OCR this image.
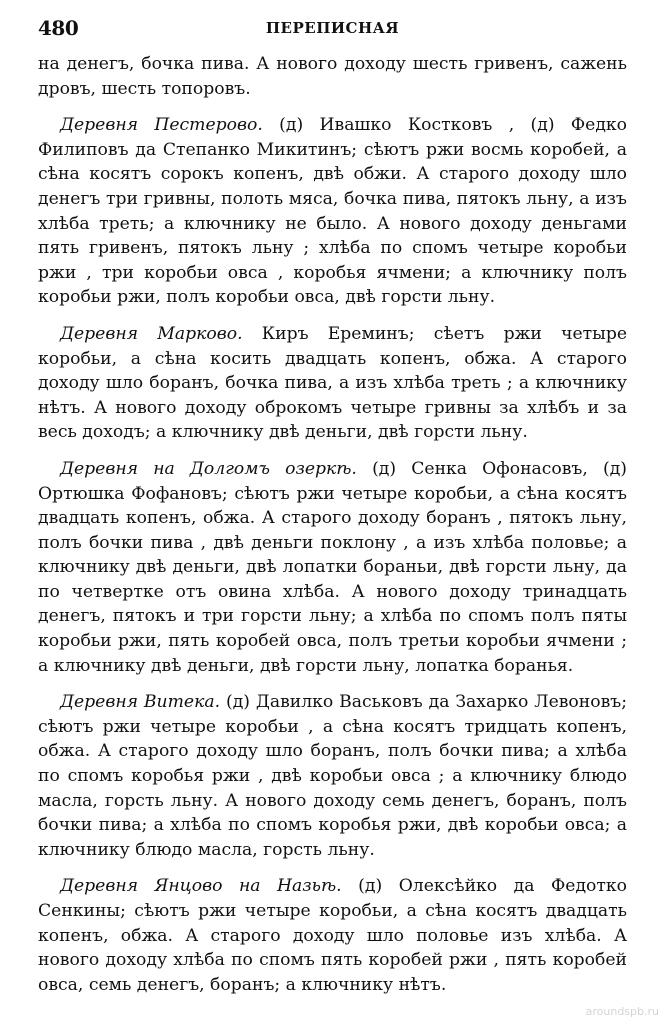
480	ПЕРЕПИСНАЯ

на денегъ, бочка пива. А нового доходу шесть гривенъ, сажень дровъ, шесть топоровъ.

Деревня Пестерово. (д) Ивашко Костковъ , (д) Федко Филиповъ да Степанко Микитинъ; сѣютъ ржи восмь коробей, а сѣна косятъ сорокъ копенъ, двѣ обжи. А старого доходу шло денегъ три гривны, полоть мяса, бочка пива, пятокъ льну, а изъ хлѣба треть; а ключнику не было. А нового доходу деньгами пять гривенъ, пятокъ льну ; хлѣба по спомъ четыре коробьи ржи , три коробьи овса , коробья ячмени; а ключнику полъ коробьи ржи, полъ коробьи овса, двѣ горсти льну.

Деревня Марково. Киръ Ереминъ; сѣетъ ржи четыре коробьи, а сѣна косить двадцать копенъ, обжа. А старого доходу шло боранъ, бочка пива, а изъ хлѣба треть ; а ключнику нѣтъ. А нового доходу оброкомъ четыре гривны за хлѣбъ и за весь доходъ; а ключнику двѣ деньги, двѣ горсти льну.

Деревня на Долгомъ озеркѣ. (д) Сенка Офонасовъ, (д) Ортюшка Фофановъ; сѣютъ ржи четыре коробьи, а сѣна косятъ двадцать копенъ, обжа. А старого доходу боранъ , пятокъ льну, полъ бочки пива , двѣ деньги поклону , а изъ хлѣба половье; а ключнику двѣ деньги, двѣ лопатки бораньи, двѣ горсти льну, да по четвертке отъ овина хлѣба. А нового доходу тринадцать денегъ, пятокъ и три горсти льну; а хлѣба по спомъ полъ пяты коробьи ржи, пять коробей овса, полъ третьи коробьи ячмени ; а ключнику двѣ деньги, двѣ горсти льну, лопатка боранья.

Деревня Витека. (д) Давилко Васьковъ да Захарко Левоновъ; сѣютъ ржи четыре коробьи , а сѣна косятъ тридцать копенъ, обжа. А старого доходу шло боранъ, полъ бочки пива; а хлѣба по спомъ коробья ржи , двѣ коробьи овса ; а ключнику блюдо масла, горсть льну. А нового доходу семь денегъ, боранъ, полъ бочки пива; а хлѣба по спомъ коробья ржи, двѣ коробьи овса; а ключнику блюдо масла, горсть льну.

Деревня Янцово на Назьѣ. (д) Олексѣйко да Федотко Сенкины; сѣютъ ржи четыре коробьи, а сѣна косятъ двадцать копенъ, обжа. А старого доходу шло половье изъ хлѣба. А нового доходу хлѣба по спомъ пять коробей ржи , пять коробей овса, семь денегъ, боранъ; а ключнику нѣтъ.

aroundspb.ru
